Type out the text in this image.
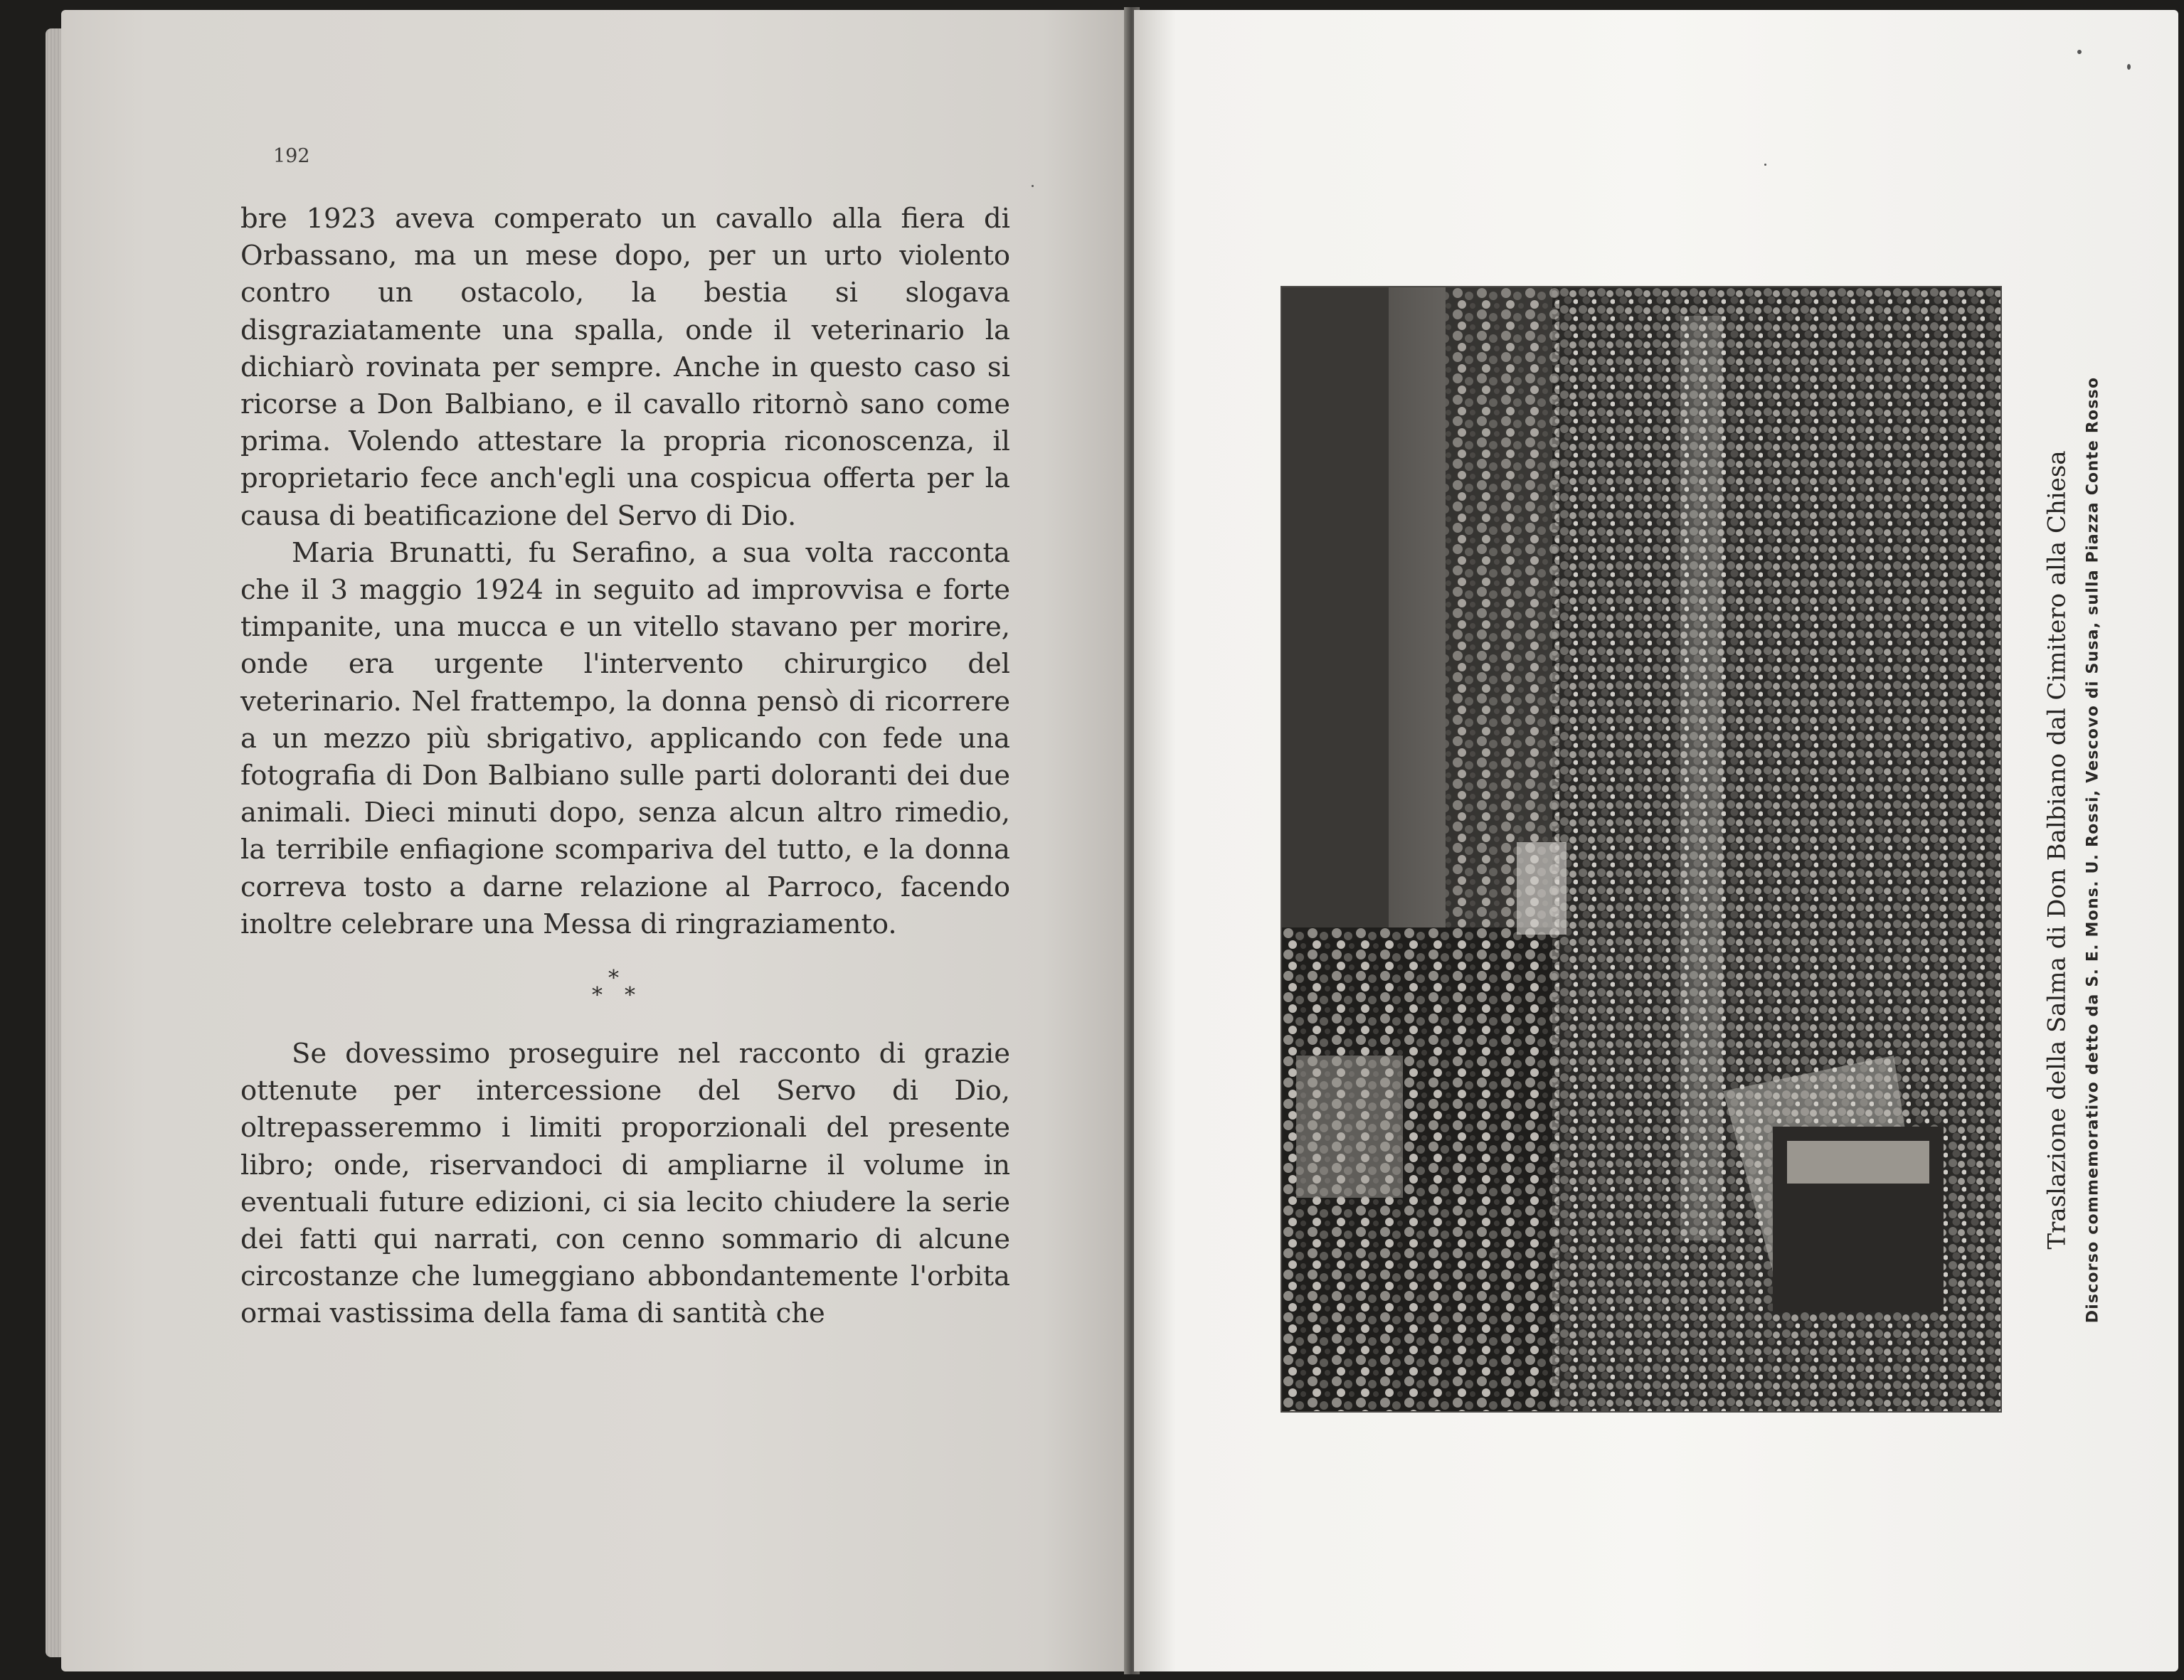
192

bre 1923 aveva comperato un cavallo alla fiera di Orbassano, ma un mese dopo, per un urto violento contro un ostacolo, la bestia si slogava disgraziatamente una spalla, onde il veterinario la dichiarò rovinata per sempre. Anche in questo caso si ricorse a Don Balbiano, e il cavallo ritornò sano come prima. Volendo attestare la propria riconoscenza, il proprietario fece anch'egli una cospicua offerta per la causa di beatificazione del Servo di Dio.

Maria Brunatti, fu Serafino, a sua volta racconta che il 3 maggio 1924 in seguito ad improvvisa e forte timpanite, una mucca e un vitello stavano per morire, onde era urgente l'intervento chirurgico del veterinario. Nel frattempo, la donna pensò di ricorrere a un mezzo più sbrigativo, applicando con fede una fotografia di Don Balbiano sulle parti doloranti dei due animali. Dieci minuti dopo, senza alcun altro rimedio, la terribile enfiagione scompariva del tutto, e la donna correva tosto a darne relazione al Parroco, facendo inoltre celebrare una Messa di ringraziamento.

*
* *

Se dovessimo proseguire nel racconto di grazie ottenute per intercessione del Servo di Dio, oltrepasseremmo i limiti proporzionali del presente libro; onde, riservandoci di ampliarne il volume in eventuali future edizioni, ci sia lecito chiudere la serie dei fatti qui narrati, con cenno sommario di alcune circostanze che lumeggiano abbondantemente l'orbita ormai vastissima della fama di santità che

Traslazione della Salma di Don Balbiano dal Cimitero alla Chiesa Discorso commemorativo detto da S. E. Mons. U. Rossi, Vescovo di Susa, sulla Piazza Conte Rosso
